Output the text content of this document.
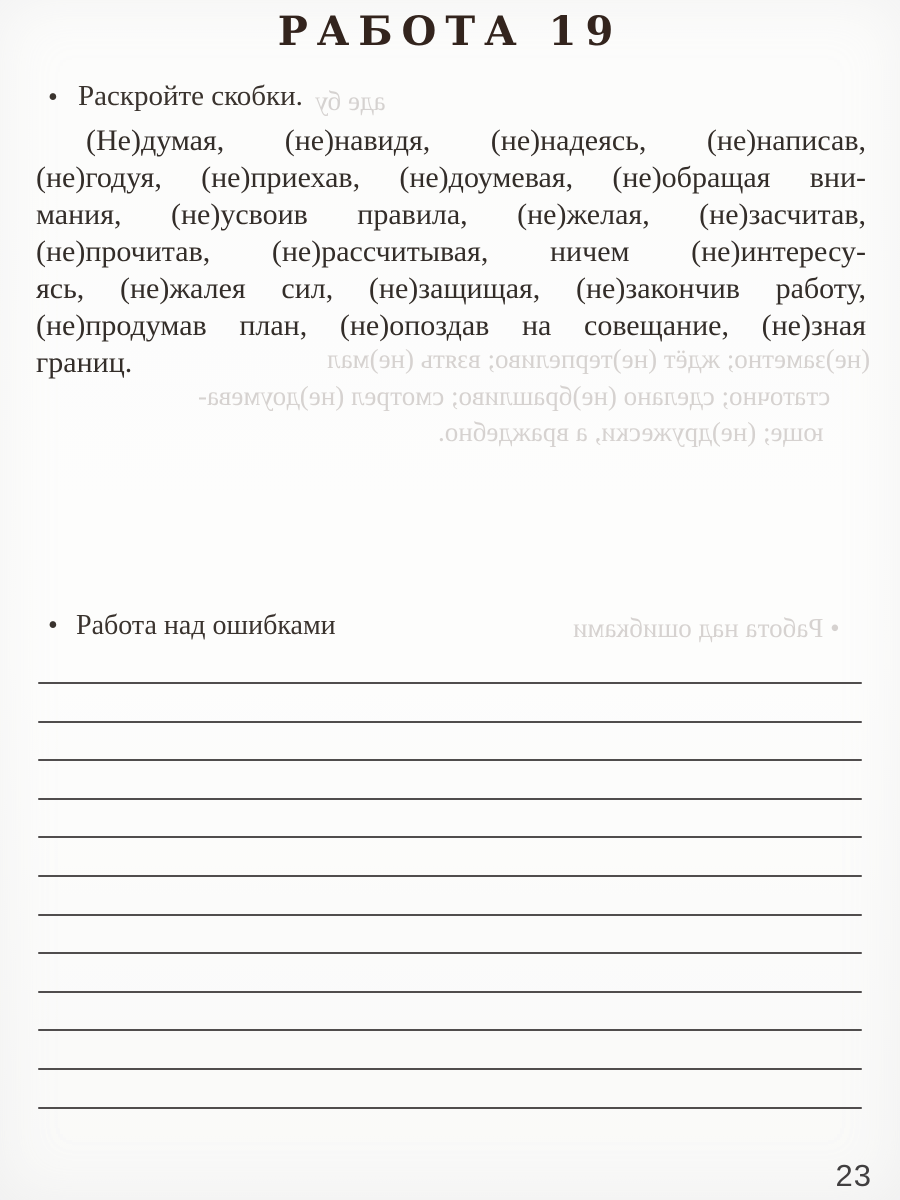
РАБОТА 19
• Раскройте скобки. аде бу
(Не)думая, (не)навидя, (не)надеясь, (не)написав,
(не)годуя, (не)приехав, (не)доумевая, (не)обращая вни-
мания, (не)усвоив правила, (не)желая, (не)засчитав,
(не)прочитав, (не)рассчитывая, ничем (не)интересу-
ясь, (не)жалея сил, (не)защищая, (не)закончив работу,
(не)продумав план, (не)опоздав на совещание, (не)зная
границ.	(не)заметно; ждёт (не)терпеливо; взять (не)мал
статочно; сделано (не)брашливо; смотрел (не)доумева-
юще; (не)дружески, а враждебно.
• Работа над ошибками	• Работа над ошибками
23
